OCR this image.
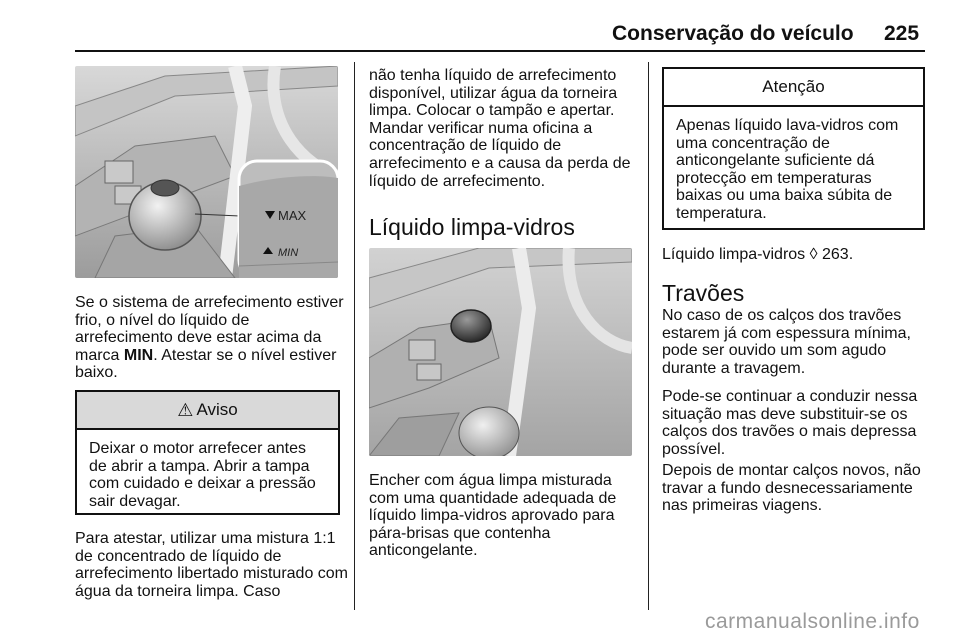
Conservação do veículo 225
MAX
MIN

Se o sistema de arrefecimento estiver frio, o nível do líquido de arrefecimento deve estar acima da marca MIN. Atestar se o nível estiver baixo.

⚠ Aviso
Deixar o motor arrefecer antes de abrir a tampa. Abrir a tampa com cuidado e deixar a pressão sair devagar.

Para atestar, utilizar uma mistura 1:1 de concentrado de líquido de arrefecimento libertado misturado com água da torneira limpa. Caso

não tenha líquido de arrefecimento disponível, utilizar água da torneira limpa. Colocar o tampão e apertar. Mandar verificar numa oficina a concentração de líquido de arrefecimento e a causa da perda de líquido de arrefecimento.

Líquido limpa-vidros

Encher com água limpa misturada com uma quantidade adequada de líquido limpa-vidros aprovado para pára-brisas que contenha anticongelante.

Atenção
Apenas líquido lava-vidros com uma concentração de anticongelante suficiente dá protecção em temperaturas baixas ou uma baixa súbita de temperatura.

Líquido limpa-vidros ◊ 263.

Travões

No caso de os calços dos travões estarem já com espessura mínima, pode ser ouvido um som agudo durante a travagem.

Pode-se continuar a conduzir nessa situação mas deve substituir-se os calços dos travões o mais depressa possível.

Depois de montar calços novos, não travar a fundo desnecessariamente nas primeiras viagens.

carmanualsonline.info
